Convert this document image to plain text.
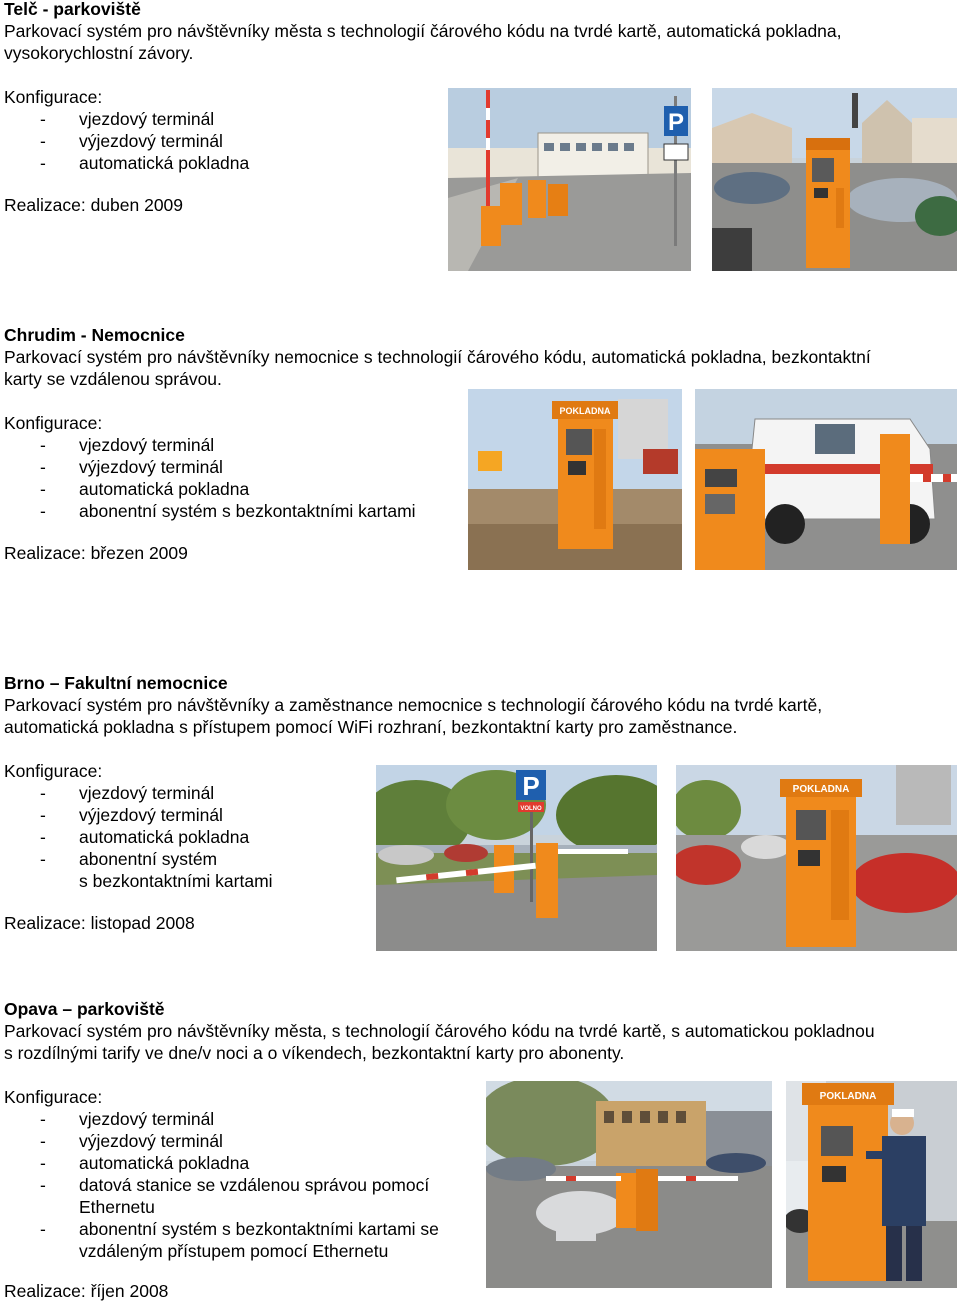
Telč - parkoviště

Parkovací systém pro návštěvníky města s technologií čárového kódu na tvrdé kartě, automatická pokladna,

vysokorychlostní závory.

Konfigurace:

- vjezdový terminál
- výjezdový terminál
- automatická pokladna

Realizace: duben 2009

P

Chrudim - Nemocnice

Parkovací systém pro návštěvníky nemocnice s technologií čárového kódu, automatická pokladna, bezkontaktní

karty se vzdálenou správou.

Konfigurace:

- vjezdový terminál
- výjezdový terminál
- automatická pokladna
- abonentní systém s bezkontaktními kartami

Realizace: březen 2009

POKLADNA

Brno – Fakultní nemocnice

Parkovací systém pro návštěvníky a zaměstnance nemocnice s technologií čárového kódu na tvrdé kartě,

automatická pokladna s přístupem pomocí WiFi rozhraní, bezkontaktní karty pro zaměstnance.

Konfigurace:

- vjezdový terminál
- výjezdový terminál
- automatická pokladna
- abonentní systém
s bezkontaktními kartami

Realizace: listopad 2008

P
VOLNO
POKLADNA

Opava – parkoviště

Parkovací systém pro návštěvníky města, s technologií čárového kódu na tvrdé kartě, s automatickou pokladnou

s rozdílnými tarify ve dne/v noci a o víkendech, bezkontaktní karty pro abonenty.

Konfigurace:

- vjezdový terminál
- výjezdový terminál
- automatická pokladna
- datová stanice se vzdálenou správou pomocí
Ethernetu
- abonentní systém s bezkontaktními kartami se
vzdáleným přístupem pomocí Ethernetu

Realizace: říjen 2008

POKLADNA
